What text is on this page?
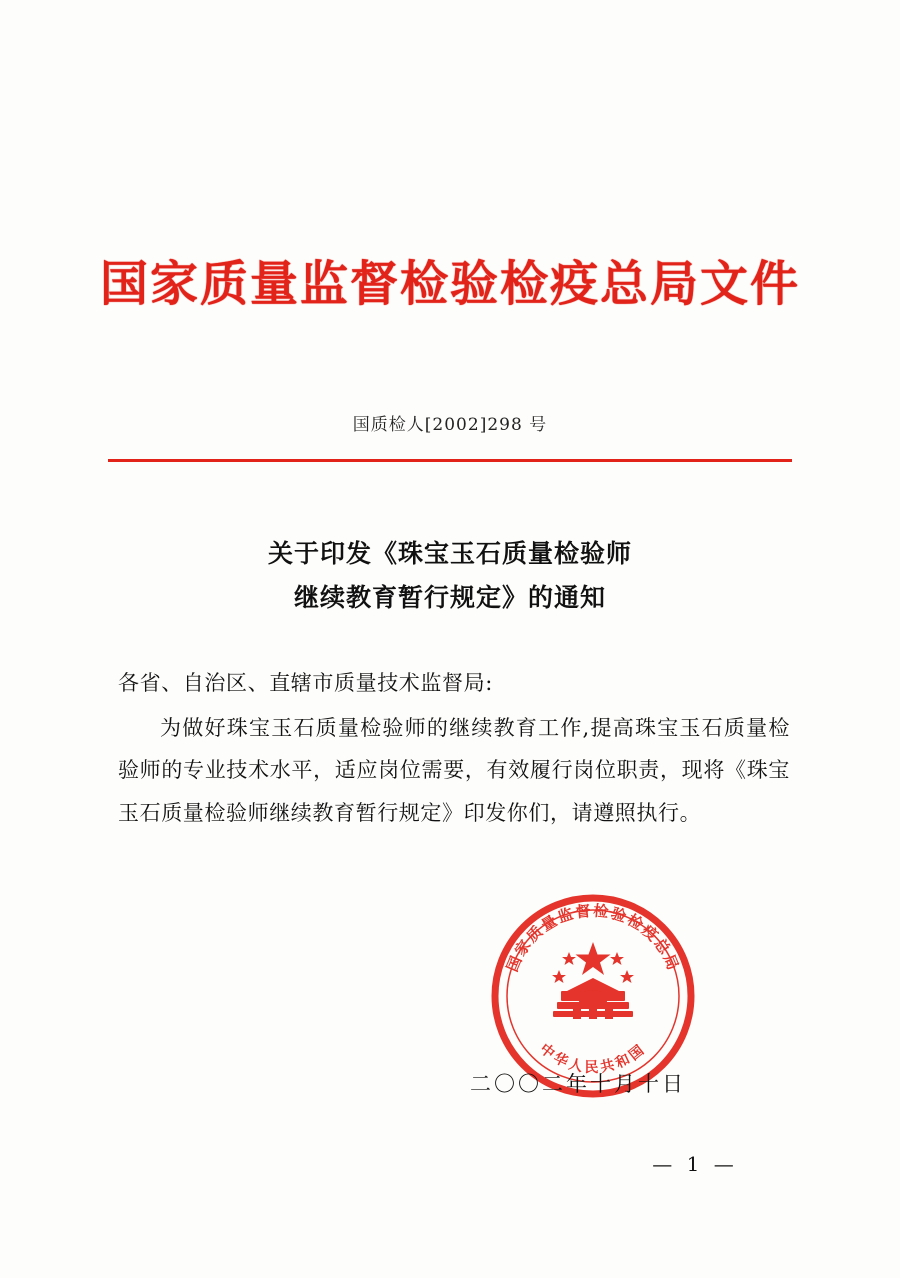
国家质量监督检验检疫总局文件
国质检人[2002]298 号
关于印发《珠宝玉石质量检验师
继续教育暂行规定》的通知

各省、自治区、直辖市质量技术监督局:

为做好珠宝玉石质量检验师的继续教育工作,提高珠宝玉石质量检验师的专业技术水平，适应岗位需要，有效履行岗位职责，现将《珠宝玉石质量检验师继续教育暂行规定》印发你们，请遵照执行。

国家质量监督检验检疫总局
中华人民共和国
二〇〇二年十月十日
— 1 —
